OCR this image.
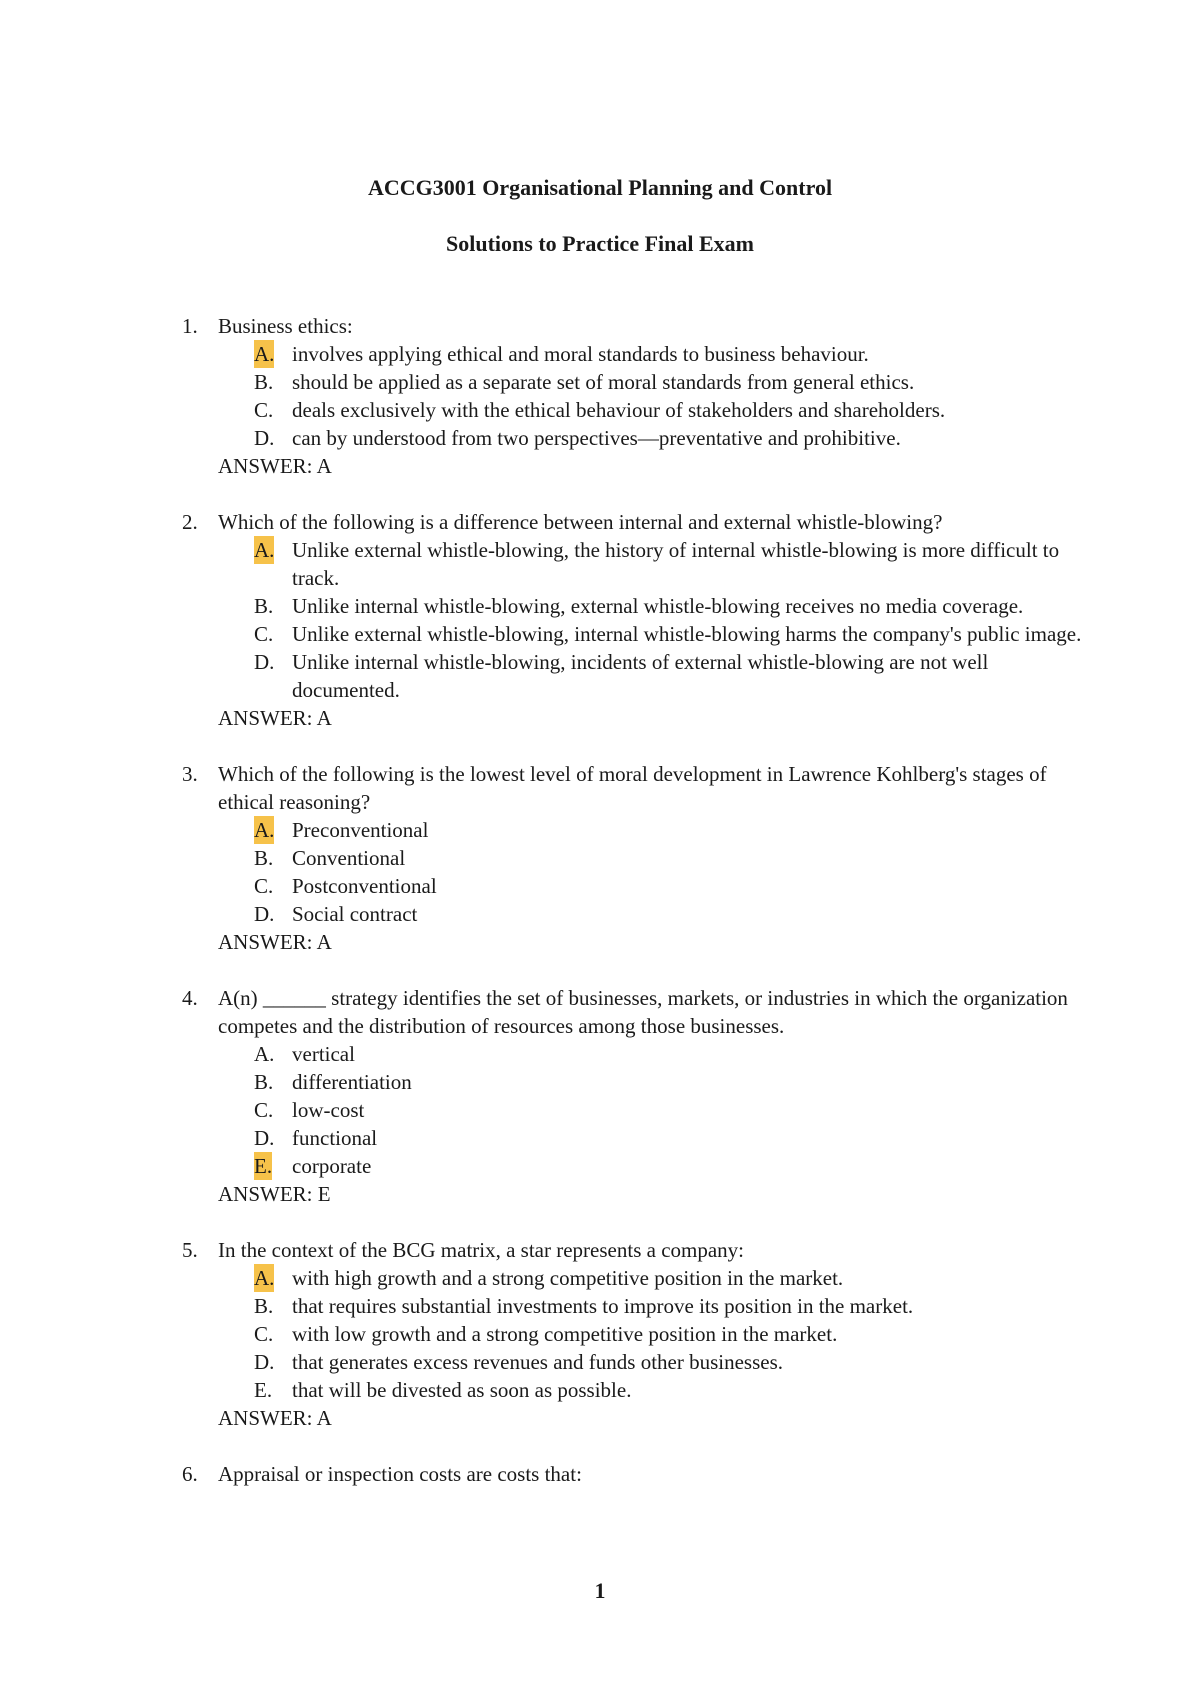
ACCG3001 Organisational Planning and Control
Solutions to Practice Final Exam
1. Business ethics:
A. involves applying ethical and moral standards to business behaviour.
B. should be applied as a separate set of moral standards from general ethics.
C. deals exclusively with the ethical behaviour of stakeholders and shareholders.
D. can by understood from two perspectives—preventative and prohibitive.
ANSWER: A
2. Which of the following is a difference between internal and external whistle-blowing?
A. Unlike external whistle-blowing, the history of internal whistle-blowing is more difficult to track.
B. Unlike internal whistle-blowing, external whistle-blowing receives no media coverage.
C. Unlike external whistle-blowing, internal whistle-blowing harms the company's public image.
D. Unlike internal whistle-blowing, incidents of external whistle-blowing are not well documented.
ANSWER: A
3. Which of the following is the lowest level of moral development in Lawrence Kohlberg's stages of ethical reasoning?
A. Preconventional
B. Conventional
C. Postconventional
D. Social contract
ANSWER: A
4. A(n) ______ strategy identifies the set of businesses, markets, or industries in which the organization competes and the distribution of resources among those businesses.
A. vertical
B. differentiation
C. low-cost
D. functional
E. corporate
ANSWER: E
5. In the context of the BCG matrix, a star represents a company:
A. with high growth and a strong competitive position in the market.
B. that requires substantial investments to improve its position in the market.
C. with low growth and a strong competitive position in the market.
D. that generates excess revenues and funds other businesses.
E. that will be divested as soon as possible.
ANSWER: A
6. Appraisal or inspection costs are costs that:
1
